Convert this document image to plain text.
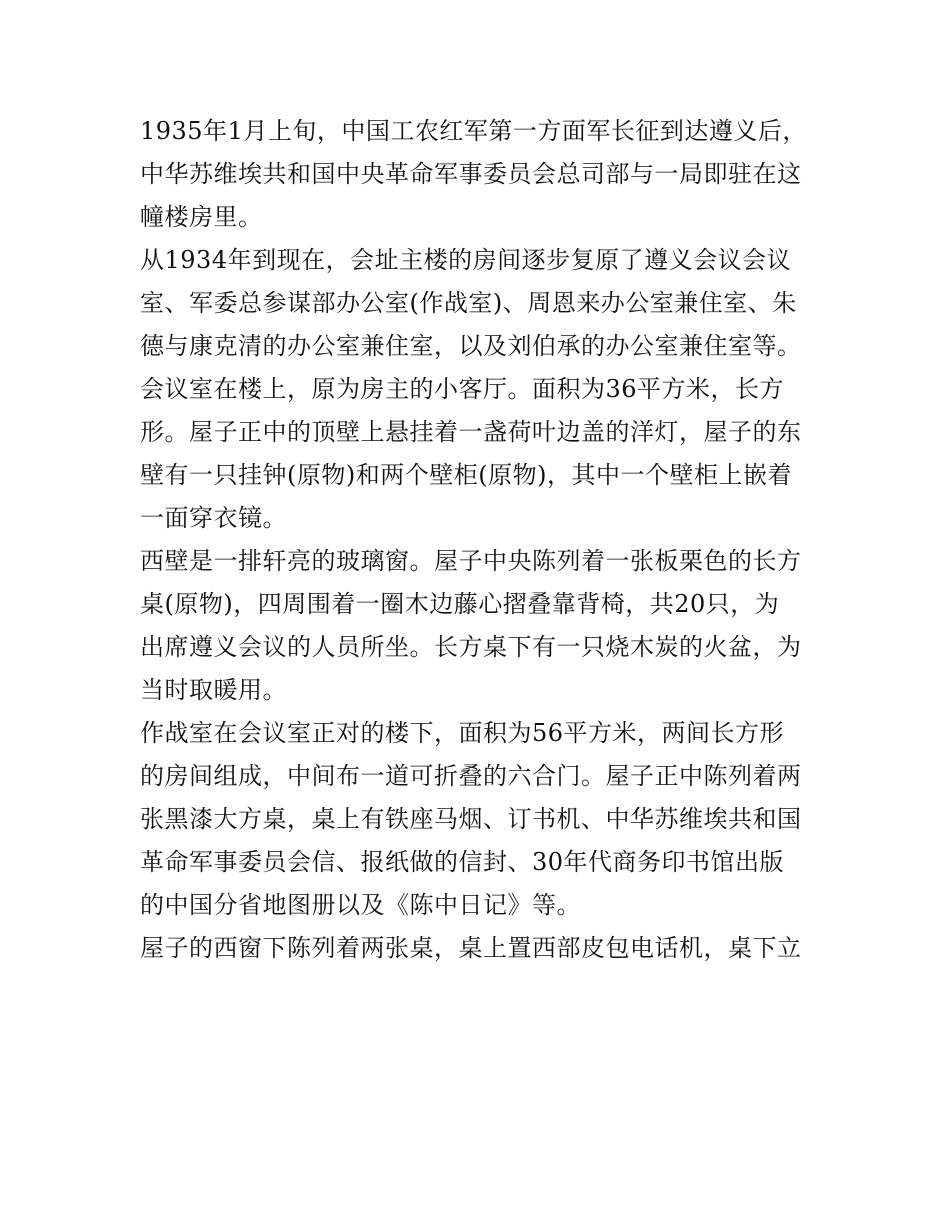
1935年1月上旬，中国工农红军第一方面军长征到达遵义后，
中华苏维埃共和国中央革命军事委员会总司部与一局即驻在这
幢楼房里。
从1934年到现在，会址主楼的房间逐步复原了遵义会议会议
室、军委总参谋部办公室(作战室)、周恩来办公室兼住室、朱
德与康克清的办公室兼住室，以及刘伯承的办公室兼住室等。
会议室在楼上，原为房主的小客厅。面积为36平方米，长方
形。屋子正中的顶壁上悬挂着一盏荷叶边盖的洋灯，屋子的东
壁有一只挂钟(原物)和两个壁柜(原物)，其中一个壁柜上嵌着
一面穿衣镜。
西壁是一排轩亮的玻璃窗。屋子中央陈列着一张板栗色的长方
桌(原物)，四周围着一圈木边藤心摺叠靠背椅，共20只，为
出席遵义会议的人员所坐。长方桌下有一只烧木炭的火盆，为
当时取暖用。
作战室在会议室正对的楼下，面积为56平方米，两间长方形
的房间组成，中间布一道可折叠的六合门。屋子正中陈列着两
张黑漆大方桌，桌上有铁座马烟、订书机、中华苏维埃共和国
革命军事委员会信、报纸做的信封、30年代商务印书馆出版
的中国分省地图册以及《陈中日记》等。
屋子的西窗下陈列着两张桌，桌上置西部皮包电话机，桌下立
